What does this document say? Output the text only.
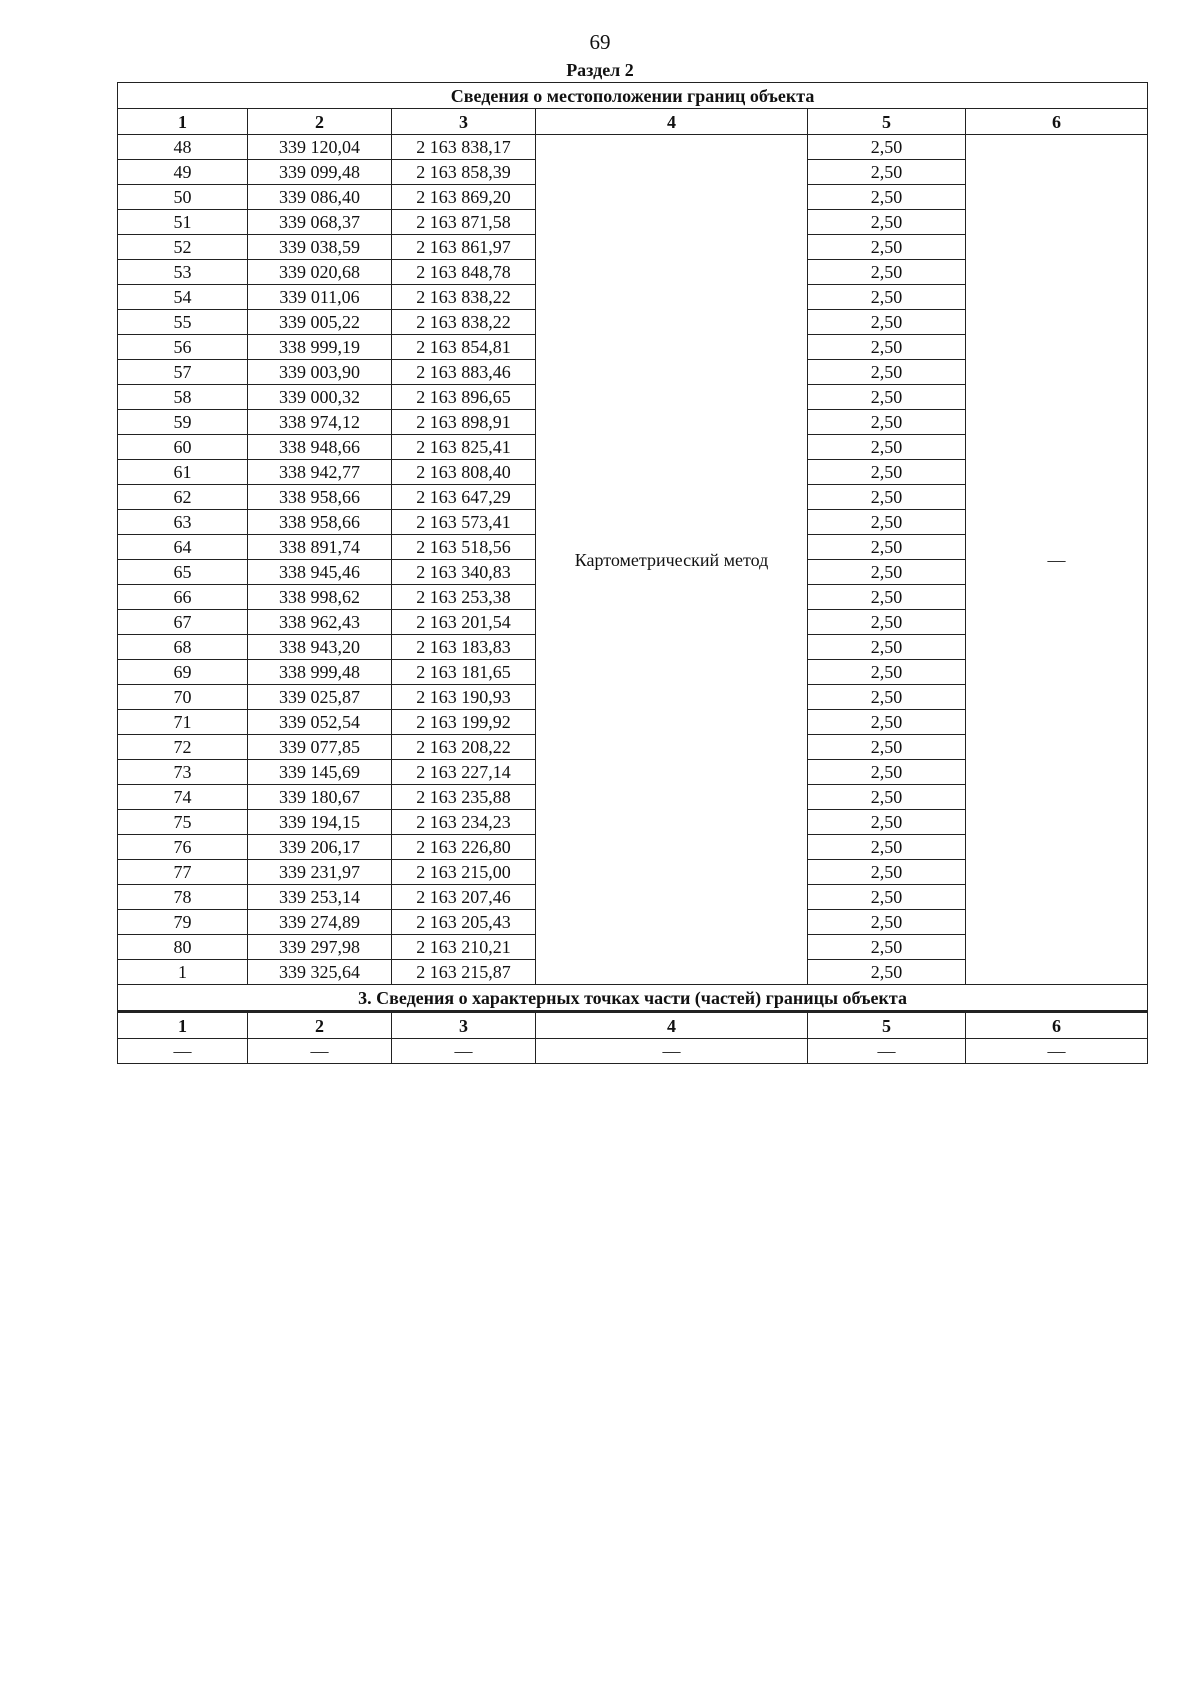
69
Раздел 2
Сведения о местоположении границ объекта					
1	2	3	4	5	6
48	339 120,04	2 163 838,17	Картометрический метод	2,50	—
49	339 099,48	2 163 858,39		2,50	
50	339 086,40	2 163 869,20		2,50	
51	339 068,37	2 163 871,58		2,50	
52	339 038,59	2 163 861,97		2,50	
53	339 020,68	2 163 848,78		2,50	
54	339 011,06	2 163 838,22		2,50	
55	339 005,22	2 163 838,22		2,50	
56	338 999,19	2 163 854,81		2,50	
57	339 003,90	2 163 883,46		2,50	
58	339 000,32	2 163 896,65		2,50	
59	338 974,12	2 163 898,91		2,50	
60	338 948,66	2 163 825,41		2,50	
61	338 942,77	2 163 808,40		2,50	
62	338 958,66	2 163 647,29		2,50	
63	338 958,66	2 163 573,41		2,50	
64	338 891,74	2 163 518,56		2,50	
65	338 945,46	2 163 340,83		2,50	
66	338 998,62	2 163 253,38		2,50	
67	338 962,43	2 163 201,54		2,50	
68	338 943,20	2 163 183,83		2,50	
69	338 999,48	2 163 181,65		2,50	
70	339 025,87	2 163 190,93		2,50	
71	339 052,54	2 163 199,92		2,50	
72	339 077,85	2 163 208,22		2,50	
73	339 145,69	2 163 227,14		2,50	
74	339 180,67	2 163 235,88		2,50	
75	339 194,15	2 163 234,23		2,50	
76	339 206,17	2 163 226,80		2,50	
77	339 231,97	2 163 215,00		2,50	
78	339 253,14	2 163 207,46		2,50	
79	339 274,89	2 163 205,43		2,50	
80	339 297,98	2 163 210,21		2,50	
1	339 325,64	2 163 215,87		2,50	
3. Сведения о характерных точках части (частей) границы объекта					
1	2	3	4	5	6
—	—	—	—	—	—
